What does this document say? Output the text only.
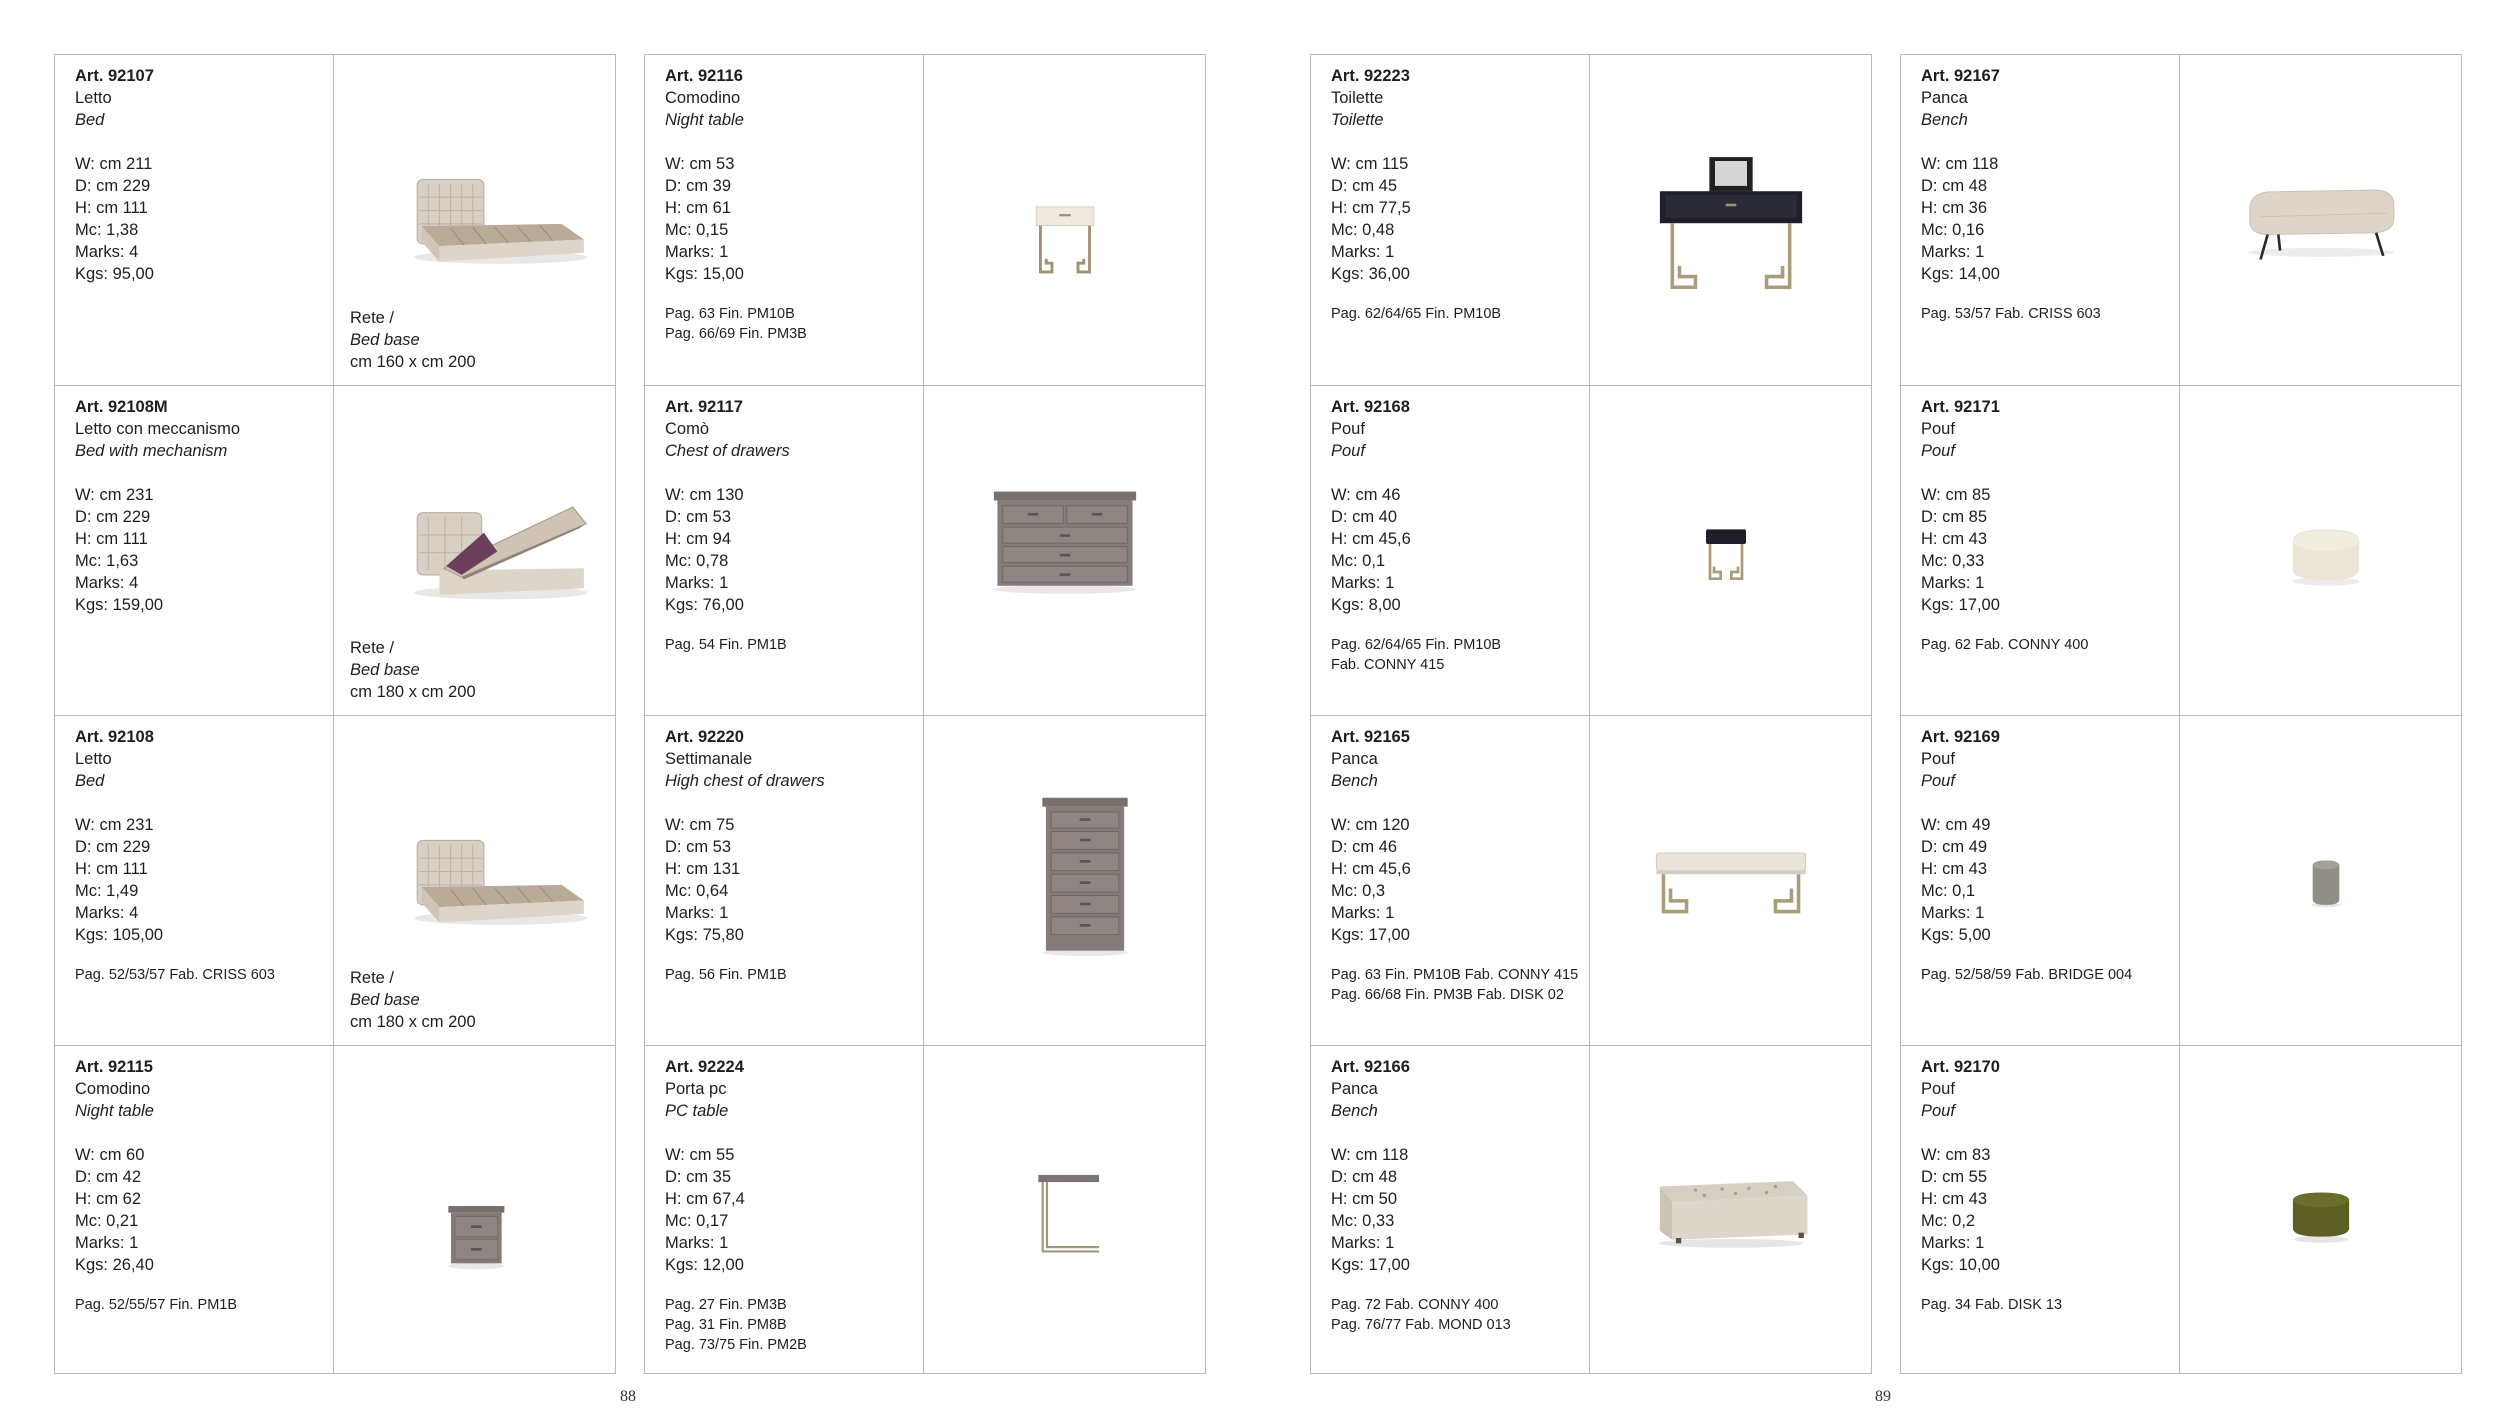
Art. 92107
Letto
Bed
W: cm 211
D: cm 229
H: cm 111
Mc: 1,38
Marks: 4
Kgs: 95,00
Rete /
Bed base
cm 160 x cm 200
Art. 92108M
Letto con meccanismo
Bed with mechanism
W: cm 231
D: cm 229
H: cm 111
Mc: 1,63
Marks: 4
Kgs: 159,00
Rete /
Bed base
cm 180 x cm 200
Art. 92108
Letto
Bed
W: cm 231
D: cm 229
H: cm 111
Mc: 1,49
Marks: 4
Kgs: 105,00
Pag. 52/53/57 Fab. CRISS 603	Rete /
Bed base
cm 180 x cm 200
Art. 92115
Comodino
Night table
W: cm 60
D: cm 42
H: cm 62
Mc: 0,21
Marks: 1
Kgs: 26,40
Pag. 52/55/57 Fin. PM1B
Art. 92116
Comodino
Night table
W: cm 53
D: cm 39
H: cm 61
Mc: 0,15
Marks: 1
Kgs: 15,00
Pag. 63 Fin. PM10B
Pag. 66/69 Fin. PM3B
Art. 92117
Comò
Chest of drawers
W: cm 130
D: cm 53
H: cm 94
Mc: 0,78
Marks: 1
Kgs: 76,00
Pag. 54 Fin. PM1B
Art. 92220
Settimanale
High chest of drawers
W: cm 75
D: cm 53
H: cm 131
Mc: 0,64
Marks: 1
Kgs: 75,80
Pag. 56 Fin. PM1B
Art. 92224
Porta pc
PC table
W: cm 55
D: cm 35
H: cm 67,4
Mc: 0,17
Marks: 1
Kgs: 12,00
Pag. 27 Fin. PM3B
Pag. 31 Fin. PM8B
Pag. 73/75 Fin. PM2B
Art. 92223
Toilette
Toilette
W: cm 115
D: cm 45
H: cm 77,5
Mc: 0,48
Marks: 1
Kgs: 36,00
Pag. 62/64/65 Fin. PM10B
Art. 92168
Pouf
Pouf
W: cm 46
D: cm 40
H: cm 45,6
Mc: 0,1
Marks: 1
Kgs: 8,00
Pag. 62/64/65 Fin. PM10B
Fab. CONNY 415
Art. 92165
Panca
Bench
W: cm 120
D: cm 46
H: cm 45,6
Mc: 0,3
Marks: 1
Kgs: 17,00
Pag. 63 Fin. PM10B Fab. CONNY 415
Pag. 66/68 Fin. PM3B Fab. DISK 02
Art. 92166
Panca
Bench
W: cm 118
D: cm 48
H: cm 50
Mc: 0,33
Marks: 1
Kgs: 17,00
Pag. 72 Fab. CONNY 400
Pag. 76/77 Fab. MOND 013
Art. 92167
Panca
Bench
W: cm 118
D: cm 48
H: cm 36
Mc: 0,16
Marks: 1
Kgs: 14,00
Pag. 53/57 Fab. CRISS 603
Art. 92171
Pouf
Pouf
W: cm 85
D: cm 85
H: cm 43
Mc: 0,33
Marks: 1
Kgs: 17,00
Pag. 62 Fab. CONNY 400
Art. 92169
Pouf
Pouf
W: cm 49
D: cm 49
H: cm 43
Mc: 0,1
Marks: 1
Kgs: 5,00
Pag. 52/58/59 Fab. BRIDGE 004
Art. 92170
Pouf
Pouf
W: cm 83
D: cm 55
H: cm 43
Mc: 0,2
Marks: 1
Kgs: 10,00
Pag. 34 Fab. DISK 13
88	89
